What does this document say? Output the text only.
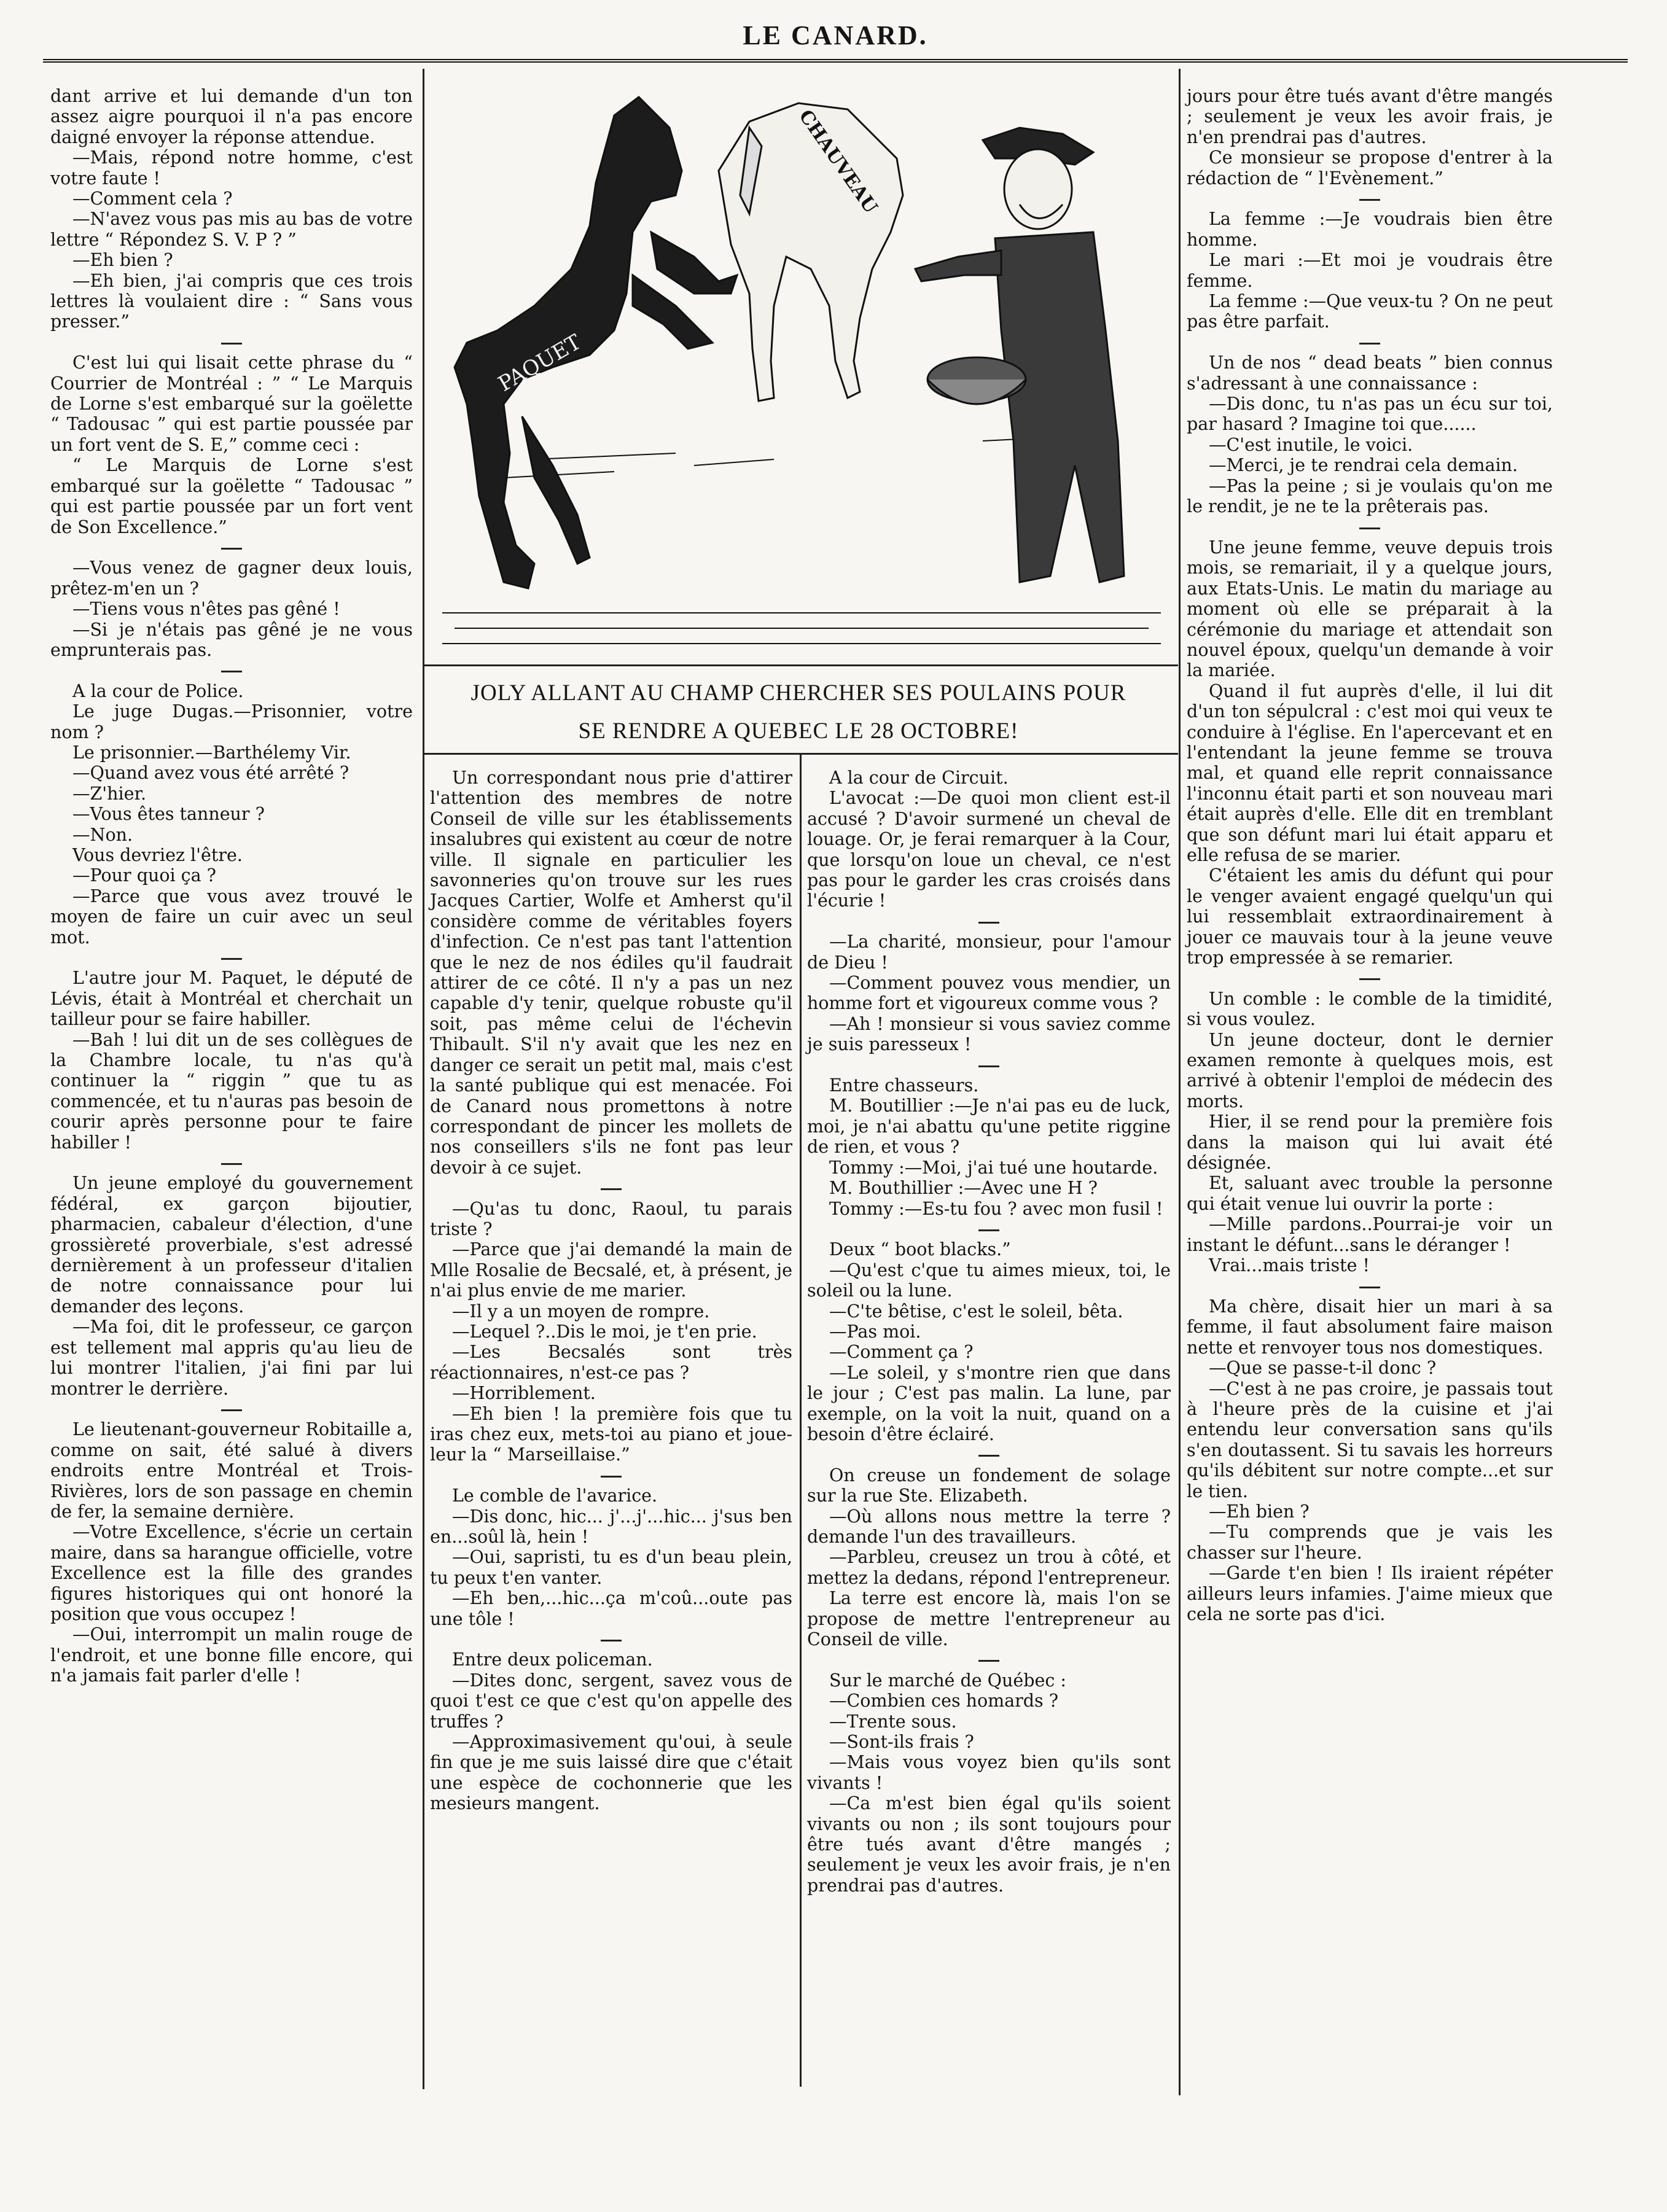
LE CANARD.
PAQUET
CHAUVEAU
JOLY ALLANT AU CHAMP CHERCHER SES POULAINS POUR
SE RENDRE A QUEBEC LE 28 OCTOBRE!

dant arrive et lui demande d'un ton assez aigre pourquoi il n'a pas encore daigné envoyer la réponse attendue.

—Mais, répond notre homme, c'est votre faute !

—Comment cela ?

—N'avez vous pas mis au bas de votre lettre “ Répondez S. V. P ? ”

—Eh bien ?

—Eh bien, j'ai compris que ces trois lettres là voulaient dire : “ Sans vous presser.”

C'est lui qui lisait cette phrase du “ Courrier de Montréal : ” “ Le Marquis de Lorne s'est embarqué sur la goëlette “ Tadousac ” qui est partie poussée par un fort vent de S. E,” comme ceci :

“ Le Marquis de Lorne s'est embarqué sur la goëlette “ Tadousac ” qui est partie poussée par un fort vent de Son Excellence.”

—Vous venez de gagner deux louis, prêtez-m'en un ?

—Tiens vous n'êtes pas gêné !

—Si je n'étais pas gêné je ne vous emprunterais pas.

A la cour de Police.

Le juge Dugas.—Prisonnier, votre nom ?

Le prisonnier.—Barthélemy Vir.

—Quand avez vous été arrêté ?

—Z'hier.

—Vous êtes tanneur ?

—Non.

Vous devriez l'être.

—Pour quoi ça ?

—Parce que vous avez trouvé le moyen de faire un cuir avec un seul mot.

L'autre jour M. Paquet, le député de Lévis, était à Montréal et cherchait un tailleur pour se faire habiller.

—Bah ! lui dit un de ses collègues de la Chambre locale, tu n'as qu'à continuer la “ riggin ” que tu as commencée, et tu n'auras pas besoin de courir après personne pour te faire habiller !

Un jeune employé du gouvernement fédéral, ex garçon bijoutier, pharmacien, cabaleur d'élection, d'une grossièreté proverbiale, s'est adressé dernièrement à un professeur d'italien de notre connaissance pour lui demander des leçons.

—Ma foi, dit le professeur, ce garçon est tellement mal appris qu'au lieu de lui montrer l'italien, j'ai fini par lui montrer le derrière.

Le lieutenant-gouverneur Robitaille a, comme on sait, été salué à divers endroits entre Montréal et Trois-Rivières, lors de son passage en chemin de fer, la semaine dernière.

—Votre Excellence, s'écrie un certain maire, dans sa harangue officielle, votre Excellence est la fille des grandes figures historiques qui ont honoré la position que vous occupez !

—Oui, interrompit un malin rouge de l'endroit, et une bonne fille encore, qui n'a jamais fait parler d'elle !

Un correspondant nous prie d'attirer l'attention des membres de notre Conseil de ville sur les établissements insalubres qui existent au cœur de notre ville. Il signale en particulier les savonneries qu'on trouve sur les rues Jacques Cartier, Wolfe et Amherst qu'il considère comme de véritables foyers d'infection. Ce n'est pas tant l'attention que le nez de nos édiles qu'il faudrait attirer de ce côté. Il n'y a pas un nez capable d'y tenir, quelque robuste qu'il soit, pas même celui de l'échevin Thibault. S'il n'y avait que les nez en danger ce serait un petit mal, mais c'est la santé publique qui est menacée. Foi de Canard nous promettons à notre correspondant de pincer les mollets de nos conseillers s'ils ne font pas leur devoir à ce sujet.

—Qu'as tu donc, Raoul, tu parais triste ?

—Parce que j'ai demandé la main de Mlle Rosalie de Becsalé, et, à présent, je n'ai plus envie de me marier.

—Il y a un moyen de rompre.

—Lequel ?..Dis le moi, je t'en prie.

—Les Becsalés sont très réactionnaires, n'est-ce pas ?

—Horriblement.

—Eh bien ! la première fois que tu iras chez eux, mets-toi au piano et joue-leur la “ Marseillaise.”

Le comble de l'avarice.

—Dis donc, hic... j'...j'...hic... j'sus ben en...soûl là, hein !

—Oui, sapristi, tu es d'un beau plein, tu peux t'en vanter.

—Eh ben,...hic...ça m'coû...oute pas une tôle !

Entre deux policeman.

—Dites donc, sergent, savez vous de quoi t'est ce que c'est qu'on appelle des truffes ?

—Approximasivement qu'oui, à seule fin que je me suis laissé dire que c'était une espèce de cochonnerie que les mesieurs mangent.

A la cour de Circuit.

L'avocat :—De quoi mon client est-il accusé ? D'avoir surmené un cheval de louage. Or, je ferai remarquer à la Cour, que lorsqu'on loue un cheval, ce n'est pas pour le garder les cras croisés dans l'écurie !

—La charité, monsieur, pour l'amour de Dieu !

—Comment pouvez vous mendier, un homme fort et vigoureux comme vous ?

—Ah ! monsieur si vous saviez comme je suis paresseux !

Entre chasseurs.

M. Boutillier :—Je n'ai pas eu de luck, moi, je n'ai abattu qu'une petite riggine de rien, et vous ?

Tommy :—Moi, j'ai tué une houtarde.

M. Bouthillier :—Avec une H ?

Tommy :—Es-tu fou ? avec mon fusil !

Deux “ boot blacks.”

—Qu'est c'que tu aimes mieux, toi, le soleil ou la lune.

—C'te bêtise, c'est le soleil, bêta.

—Pas moi.

—Comment ça ?

—Le soleil, y s'montre rien que dans le jour ; C'est pas malin. La lune, par exemple, on la voit la nuit, quand on a besoin d'être éclairé.

On creuse un fondement de solage sur la rue Ste. Elizabeth.

—Où allons nous mettre la terre ? demande l'un des travailleurs.

—Parbleu, creusez un trou à côté, et mettez la dedans, répond l'entrepreneur.

La terre est encore là, mais l'on se propose de mettre l'entrepreneur au Conseil de ville.

Sur le marché de Québec :

—Combien ces homards ?

—Trente sous.

—Sont-ils frais ?

—Mais vous voyez bien qu'ils sont vivants !

—Ca m'est bien égal qu'ils soient vivants ou non ; ils sont toujours pour être tués avant d'être mangés ; seulement je veux les avoir frais, je n'en prendrai pas d'autres.

jours pour être tués avant d'être mangés ; seulement je veux les avoir frais, je n'en prendrai pas d'autres.

Ce monsieur se propose d'entrer à la rédaction de “ l'Evènement.”

La femme :—Je voudrais bien être homme.

Le mari :—Et moi je voudrais être femme.

La femme :—Que veux-tu ? On ne peut pas être parfait.

Un de nos “ dead beats ” bien connus s'adressant à une connaissance :

—Dis donc, tu n'as pas un écu sur toi, par hasard ? Imagine toi que......

—C'est inutile, le voici.

—Merci, je te rendrai cela demain.

—Pas la peine ; si je voulais qu'on me le rendit, je ne te la prêterais pas.

Une jeune femme, veuve depuis trois mois, se remariait, il y a quelque jours, aux Etats-Unis. Le matin du mariage au moment où elle se préparait à la cérémonie du mariage et attendait son nouvel époux, quelqu'un demande à voir la mariée.

Quand il fut auprès d'elle, il lui dit d'un ton sépulcral : c'est moi qui veux te conduire à l'église. En l'apercevant et en l'entendant la jeune femme se trouva mal, et quand elle reprit connaissance l'inconnu était parti et son nouveau mari était auprès d'elle. Elle dit en tremblant que son défunt mari lui était apparu et elle refusa de se marier.

C'étaient les amis du défunt qui pour le venger avaient engagé quelqu'un qui lui ressemblait extraordinairement à jouer ce mauvais tour à la jeune veuve trop empressée à se remarier.

Un comble : le comble de la timidité, si vous voulez.

Un jeune docteur, dont le dernier examen remonte à quelques mois, est arrivé à obtenir l'emploi de médecin des morts.

Hier, il se rend pour la première fois dans la maison qui lui avait été désignée.

Et, saluant avec trouble la personne qui était venue lui ouvrir la porte :

—Mille pardons..Pourrai-je voir un instant le défunt...sans le déranger !

Vrai...mais triste !

Ma chère, disait hier un mari à sa femme, il faut absolument faire maison nette et renvoyer tous nos domestiques.

—Que se passe-t-il donc ?

—C'est à ne pas croire, je passais tout à l'heure près de la cuisine et j'ai entendu leur conversation sans qu'ils s'en doutassent. Si tu savais les horreurs qu'ils débitent sur notre compte...et sur le tien.

—Eh bien ?

—Tu comprends que je vais les chasser sur l'heure.

—Garde t'en bien ! Ils iraient répéter ailleurs leurs infamies. J'aime mieux que cela ne sorte pas d'ici.
